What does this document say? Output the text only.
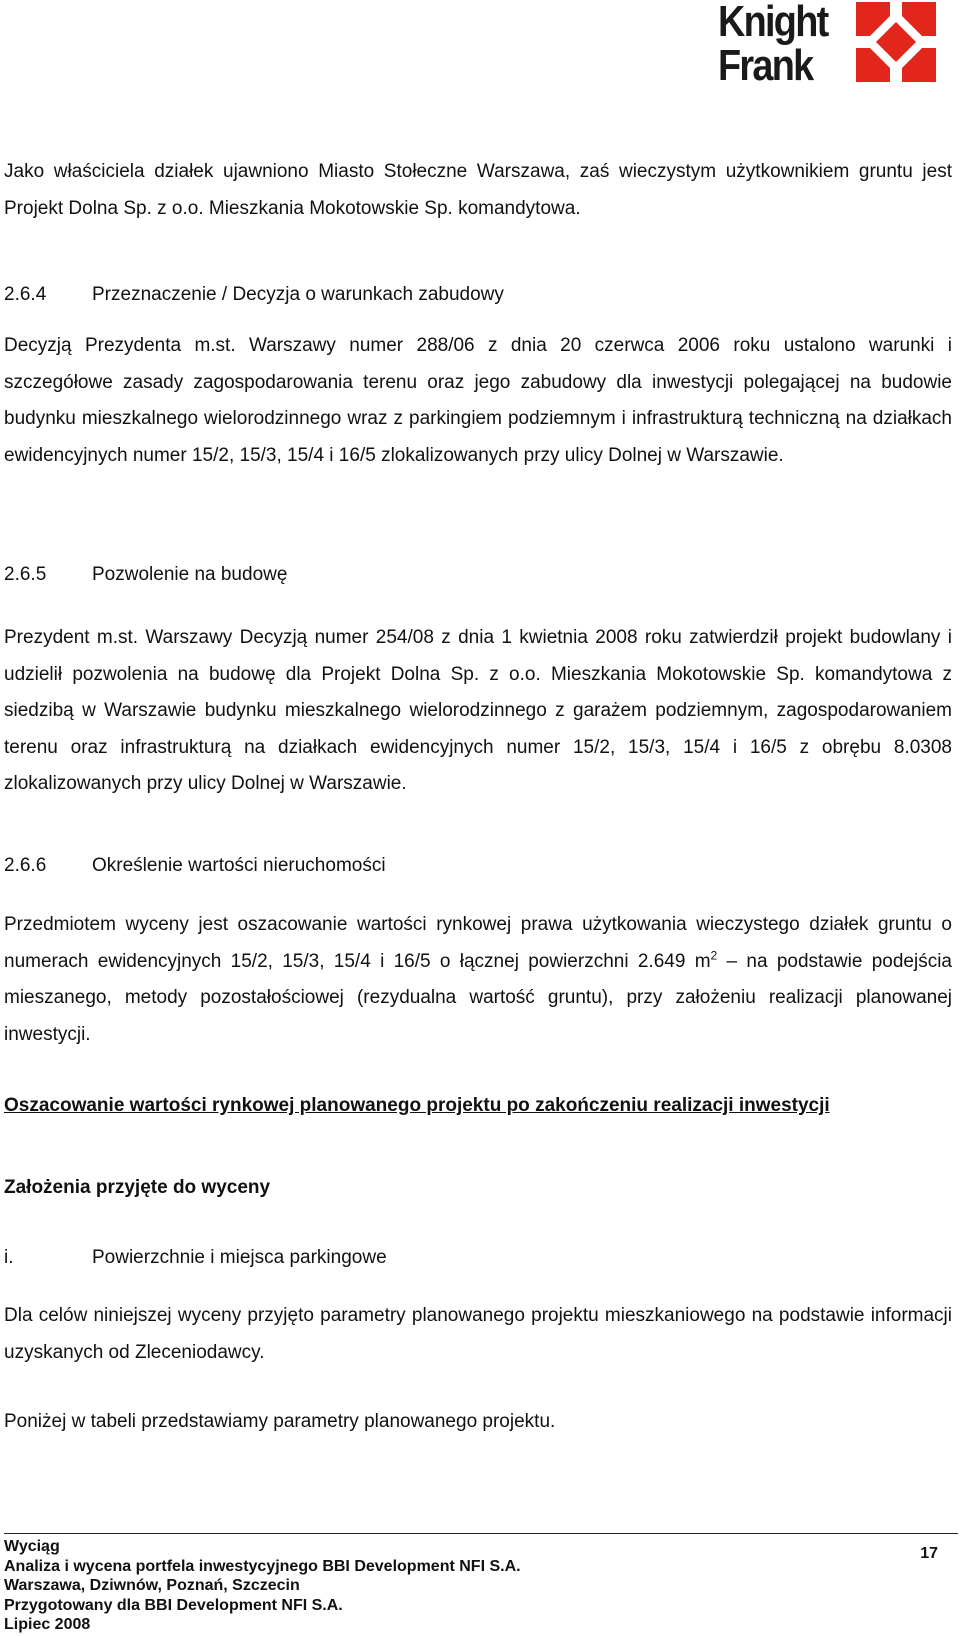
Knight
Frank

Jako właściciela działek ujawniono Miasto Stołeczne Warszawa, zaś wieczystym użytkownikiem gruntu jest Projekt Dolna Sp. z o.o. Mieszkania Mokotowskie Sp. komandytowa.

2.6.4 Przeznaczenie / Decyzja o warunkach zabudowy

Decyzją Prezydenta m.st. Warszawy numer 288/06 z dnia 20 czerwca 2006 roku ustalono warunki i szczegółowe zasady zagospodarowania terenu oraz jego zabudowy dla inwestycji polegającej na budowie budynku mieszkalnego wielorodzinnego wraz z parkingiem podziemnym i infrastrukturą techniczną na działkach ewidencyjnych numer 15/2, 15/3, 15/4 i 16/5 zlokalizowanych przy ulicy Dolnej w Warszawie.

2.6.5 Pozwolenie na budowę

Prezydent m.st. Warszawy Decyzją numer 254/08 z dnia 1 kwietnia 2008 roku zatwierdził projekt budowlany i udzielił pozwolenia na budowę dla Projekt Dolna Sp. z o.o. Mieszkania Mokotowskie Sp. komandytowa z siedzibą w Warszawie budynku mieszkalnego wielorodzinnego z garażem podziemnym, zagospodarowaniem terenu oraz infrastrukturą na działkach ewidencyjnych numer 15/2, 15/3, 15/4 i 16/5 z obrębu 8.0308 zlokalizowanych przy ulicy Dolnej w Warszawie.

2.6.6 Określenie wartości nieruchomości

Przedmiotem wyceny jest oszacowanie wartości rynkowej prawa użytkowania wieczystego działek gruntu o numerach ewidencyjnych 15/2, 15/3, 15/4 i 16/5 o łącznej powierzchni 2.649 $m^2$ – na podstawie podejścia mieszanego, metody pozostałościowej (rezydualna wartość gruntu), przy założeniu realizacji planowanej inwestycji.

Oszacowanie wartości rynkowej planowanego projektu po zakończeniu realizacji inwestycji

Założenia przyjęte do wyceny

i.	Powierzchnie i miejsca parkingowe

Dla celów niniejszej wyceny przyjęto parametry planowanego projektu mieszkaniowego na podstawie informacji uzyskanych od Zleceniodawcy.

Poniżej w tabeli przedstawiamy parametry planowanego projektu.

Wyciąg
Analiza i wycena portfela inwestycyjnego BBI Development NFI S.A.
Warszawa, Dziwnów, Poznań, Szczecin
Przygotowany dla BBI Development NFI S.A.
Lipiec 2008
17
